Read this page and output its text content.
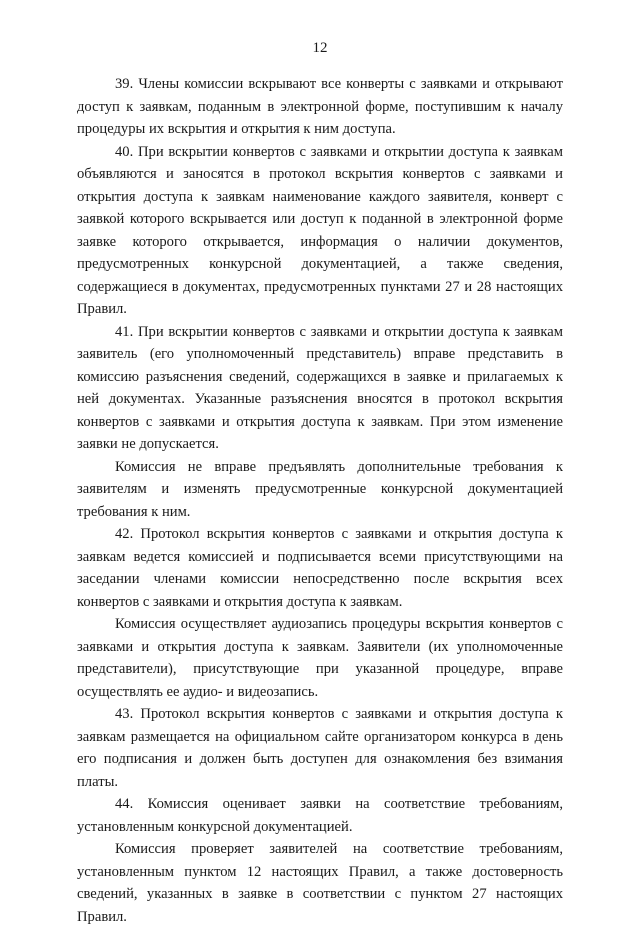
12

39. Члены комиссии вскрывают все конверты с заявками и открывают доступ к заявкам, поданным в электронной форме, поступившим к началу процедуры их вскрытия и открытия к ним доступа.

40. При вскрытии конвертов с заявками и открытии доступа к заявкам объявляются и заносятся в протокол вскрытия конвертов с заявками и открытия доступа к заявкам наименование каждого заявителя, конверт с заявкой которого вскрывается или доступ к поданной в электронной форме заявке которого открывается, информация о наличии документов, предусмотренных конкурсной документацией, а также сведения, содержащиеся в документах, предусмотренных пунктами 27 и 28 настоящих Правил.

41. При вскрытии конвертов с заявками и открытии доступа к заявкам заявитель (его уполномоченный представитель) вправе представить в комиссию разъяснения сведений, содержащихся в заявке и прилагаемых к ней документах. Указанные разъяснения вносятся в протокол вскрытия конвертов с заявками и открытия доступа к заявкам. При этом изменение заявки не допускается.

Комиссия не вправе предъявлять дополнительные требования к заявителям и изменять предусмотренные конкурсной документацией требования к ним.

42. Протокол вскрытия конвертов с заявками и открытия доступа к заявкам ведется комиссией и подписывается всеми присутствующими на заседании членами комиссии непосредственно после вскрытия всех конвертов с заявками и открытия доступа к заявкам.

Комиссия осуществляет аудиозапись процедуры вскрытия конвертов с заявками и открытия доступа к заявкам. Заявители (их уполномоченные представители), присутствующие при указанной процедуре, вправе осуществлять ее аудио- и видеозапись.

43. Протокол вскрытия конвертов с заявками и открытия доступа к заявкам размещается на официальном сайте организатором конкурса в день его подписания и должен быть доступен для ознакомления без взимания платы.

44. Комиссия оценивает заявки на соответствие требованиям, установленным конкурсной документацией.

Комиссия проверяет заявителей на соответствие требованиям, установленным пунктом 12 настоящих Правил, а также достоверность сведений, указанных в заявке в соответствии с пунктом 27 настоящих Правил.
